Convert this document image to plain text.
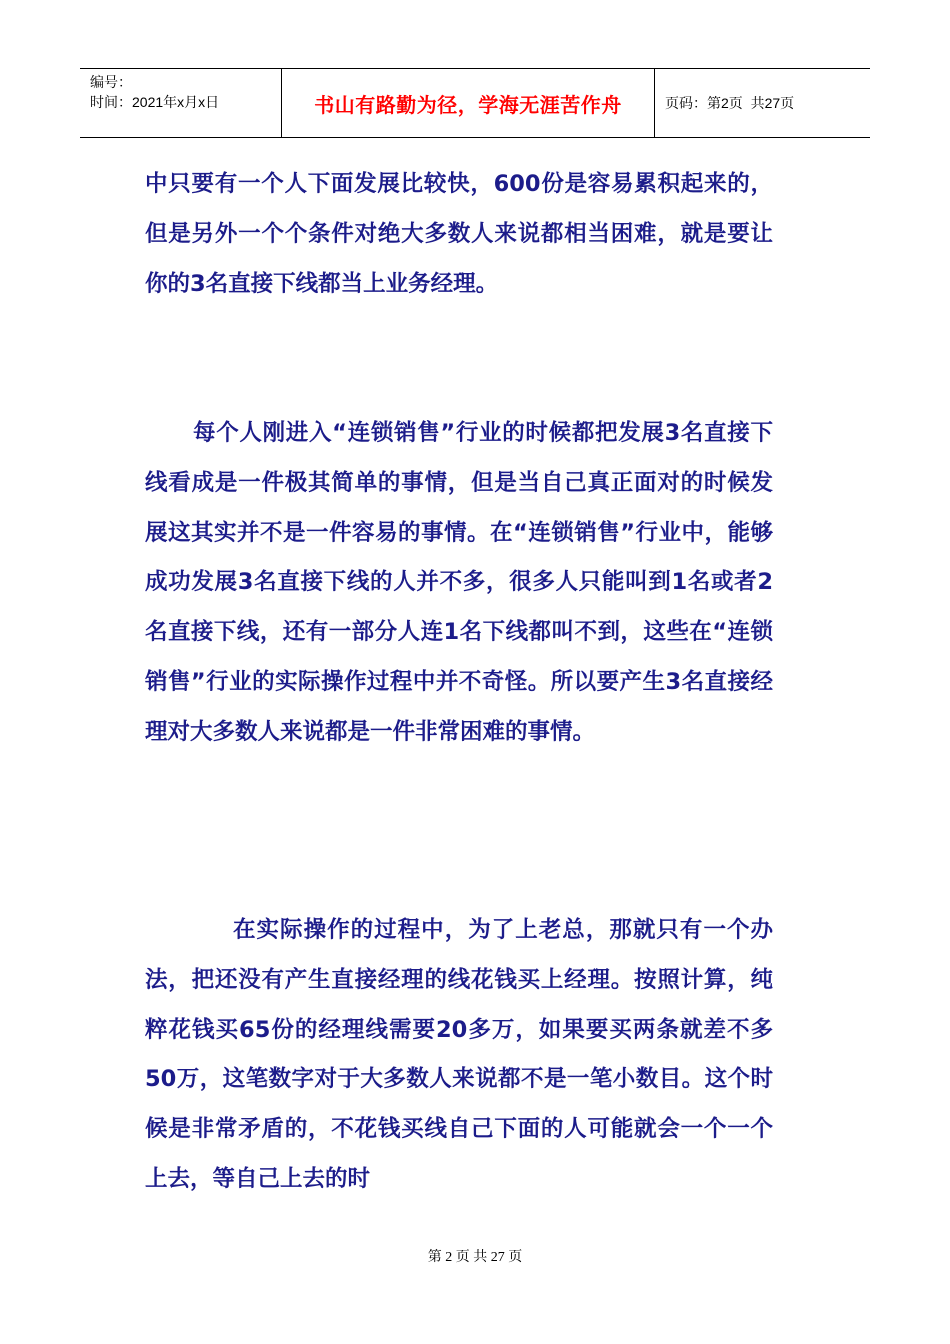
编号：
时间：2021年x月x日	书山有路勤为径，学海无涯苦作舟	页码：第2页  共27页

中只要有一个人下面发展比较快，600份是容易累积起来的，但是另外一个个条件对绝大多数人来说都相当困难，就是要让你的3名直接下线都当上业务经理。

每个人刚进入“连锁销售”行业的时候都把发展3名直接下线看成是一件极其简单的事情，但是当自己真正面对的时候发展这其实并不是一件容易的事情。在“连锁销售”行业中，能够成功发展3名直接下线的人并不多，很多人只能叫到1名或者2名直接下线，还有一部分人连1名下线都叫不到，这些在“连锁销售”行业的实际操作过程中并不奇怪。所以要产生3名直接经理对大多数人来说都是一件非常困难的事情。

在实际操作的过程中，为了上老总，那就只有一个办法，把还没有产生直接经理的线花钱买上经理。按照计算，纯粹花钱买65份的经理线需要20多万，如果要买两条就差不多50万，这笔数字对于大多数人来说都不是一笔小数目。这个时候是非常矛盾的，不花钱买线自己下面的人可能就会一个一个上去，等自己上去的时

第 2 页 共 27 页
